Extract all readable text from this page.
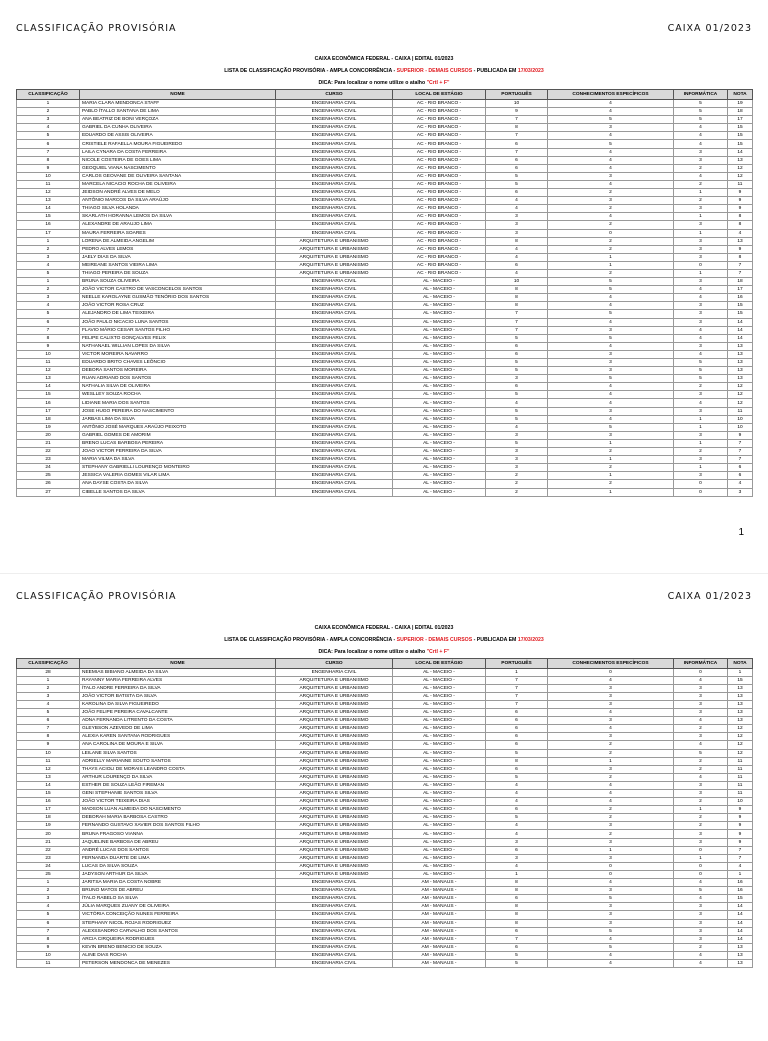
CLASSIFICAÇÃO PROVISÓRIA	CAIXA 01/2023
CAIXA ECONÔMICA FEDERAL - CAIXA | EDITAL 01/2023
LISTA DE CLASSIFICAÇÃO PROVISÓRIA - AMPLA CONCORRÊNCIA - SUPERIOR - DEMAIS CURSOS - PUBLICADA EM 17/03/2023
DICA: Para localizar o nome utilize o atalho "Crtl + F"
CLASSIFICAÇÃO	NOME	CURSO	LOCAL DE ESTÁGIO	PORTUGUÊS	CONHECIMENTOS ESPECÍFICOS	INFORMÁTICA	NOTA
1	MARIA CLARA MENDONCA STAFF	ENGENHARIA CIVIL	AC - RIO BRANCO -	10	4	5	19
2	PABLO ÍTALLO SANTANA DE LIMA	ENGENHARIA CIVIL	AC - RIO BRANCO -	9	4	5	18
3	ANA BEATRIZ DE BONI VERÇOZA	ENGENHARIA CIVIL	AC - RIO BRANCO -	7	5	5	17
4	GABRIEL DA CUNHA OLIVEIRA	ENGENHARIA CIVIL	AC - RIO BRANCO -	8	3	4	15
5	EDUARDO DE ASSIS OLIVEIRA	ENGENHARIA CIVIL	AC - RIO BRANCO -	7	4	4	15
6	CRISTIELE RAFAELLA MOURA FIGUEIREDO	ENGENHARIA CIVIL	AC - RIO BRANCO -	6	5	4	15
7	LAILA CYNARA DA COSTA FERREIRA	ENGENHARIA CIVIL	AC - RIO BRANCO -	7	4	3	14
8	NICOLE COSTEIRA DE GOES LIMA	ENGENHARIA CIVIL	AC - RIO BRANCO -	6	4	3	13
9	GEOQUIEL VIANA NASCIMENTO	ENGENHARIA CIVIL	AC - RIO BRANCO -	6	4	2	12
10	CARLOS GEOVANE DE OLIVEIRA SANTANA	ENGENHARIA CIVIL	AC - RIO BRANCO -	5	3	4	12
11	MARCELA NICACIO ROCHA DE OLIVEIRA	ENGENHARIA CIVIL	AC - RIO BRANCO -	5	4	2	11
12	JEIDSON ANDRÉ ALVES DE MELO	ENGENHARIA CIVIL	AC - RIO BRANCO -	6	2	1	9
13	ANTÔNIO MARCOS DA SILVA ARAÚJO	ENGENHARIA CIVIL	AC - RIO BRANCO -	4	3	2	9
14	THIAGO SILVA HOLANDA	ENGENHARIA CIVIL	AC - RIO BRANCO -	4	2	3	9
15	SKARLATH HORANNA LEMOS DA SILVA	ENGENHARIA CIVIL	AC - RIO BRANCO -	3	4	1	8
16	ALEXANDRE DE ARAUJO LIMA	ENGENHARIA CIVIL	AC - RIO BRANCO -	3	2	3	8
17	MAURA FERREIRA SOARES	ENGENHARIA CIVIL	AC - RIO BRANCO -	3	0	1	4
1	LORENA DE ALMEIDA ANGELIM	ARQUITETURA E URBANISMO	AC - RIO BRANCO -	8	2	3	13
2	PEDRO ALVES LEMOS	ARQUITETURA E URBANISMO	AC - RIO BRANCO -	4	2	3	9
3	JAELY DIAS DA SILVA	ARQUITETURA E URBANISMO	AC - RIO BRANCO -	4	1	3	8
4	MEIREANE SANTOS VIEIRA LIMA	ARQUITETURA E URBANISMO	AC - RIO BRANCO -	6	1	0	7
5	THIAGO PEREIRA DE SOUZA	ARQUITETURA E URBANISMO	AC - RIO BRANCO -	4	2	1	7
1	BRUNA SOUZA OLIVEIRA	ENGENHARIA CIVIL	AL - MACEIO -	10	5	3	18
2	JOÃO VICTOR CASTRO DE VASCONCELOS SANTOS	ENGENHARIA CIVIL	AL - MACEIO -	8	5	4	17
3	NEELLE KAROLAYNE GUSMÃO TENÓRIO DOS SANTOS	ENGENHARIA CIVIL	AL - MACEIO -	8	4	4	16
4	JOÃO VICTOR ROSA CRUZ	ENGENHARIA CIVIL	AL - MACEIO -	8	4	3	15
5	ALEJANDRO DE LIMA TEIXEIRA	ENGENHARIA CIVIL	AL - MACEIO -	7	5	3	15
6	JOÃO PAULO NICACIO LUNA SANTOS	ENGENHARIA CIVIL	AL - MACEIO -	7	4	3	14
7	FLAVIO MÁRIO CESAR SANTOS FILHO	ENGENHARIA CIVIL	AL - MACEIO -	7	3	4	14
8	FELIPE CALIXTO GONÇALVES FELIX	ENGENHARIA CIVIL	AL - MACEIO -	5	5	4	14
9	NATHANAEL WILLIAN LOPES DA SILVA	ENGENHARIA CIVIL	AL - MACEIO -	6	4	3	13
10	VICTOR MOREIRA NAVARRO	ENGENHARIA CIVIL	AL - MACEIO -	6	3	4	13
11	EDUARDO BRITO CHAVES LEÔNCIO	ENGENHARIA CIVIL	AL - MACEIO -	5	3	5	13
12	DEBORA SANTOS MOREIRA	ENGENHARIA CIVIL	AL - MACEIO -	5	3	5	13
13	RUAN ADRIANO DOS SANTOS	ENGENHARIA CIVIL	AL - MACEIO -	3	5	5	13
14	NATHALIA SILVA DE OLIVEIRA	ENGENHARIA CIVIL	AL - MACEIO -	6	4	2	12
15	WESLLEY SOUZA ROCHA	ENGENHARIA CIVIL	AL - MACEIO -	5	4	3	12
16	LIDIANE MARIA DOS SANTOS	ENGENHARIA CIVIL	AL - MACEIO -	4	4	4	12
17	JOSE HUGO PEREIRA DO NASCIMENTO	ENGENHARIA CIVIL	AL - MACEIO -	5	3	3	11
18	JARBAS LIMA DA SILVA	ENGENHARIA CIVIL	AL - MACEIO -	5	4	1	10
19	ANTÔNIO JOSÉ MARQUES ARAÚJO PEIXOTO	ENGENHARIA CIVIL	AL - MACEIO -	4	5	1	10
20	GABRIEL GOMES DE AMORIM	ENGENHARIA CIVIL	AL - MACEIO -	3	3	3	9
21	BRENO LUCAS BARBOSA PEREIRA	ENGENHARIA CIVIL	AL - MACEIO -	5	1	1	7
22	JOAO VICTOR FERREIRA DA SILVA	ENGENHARIA CIVIL	AL - MACEIO -	3	2	2	7
23	MARIA VILMA DA SILVA	ENGENHARIA CIVIL	AL - MACEIO -	3	1	3	7
24	STEPHANY GABRIELLI LOURENÇO MONTEIRO	ENGENHARIA CIVIL	AL - MACEIO -	3	2	1	6
25	JESSICA VALERIA GOMES VILAR LIMA	ENGENHARIA CIVIL	AL - MACEIO -	2	1	3	6
26	ANA DAYSE COSTA DA SILVA	ENGENHARIA CIVIL	AL - MACEIO -	2	2	0	4
27	CIBELLE SANTOS DA SILVA	ENGENHARIA CIVIL	AL - MACEIO -	2	1	0	3
1
CLASSIFICAÇÃO PROVISÓRIA	CAIXA 01/2023
CAIXA ECONÔMICA FEDERAL - CAIXA | EDITAL 01/2023
LISTA DE CLASSIFICAÇÃO PROVISÓRIA - AMPLA CONCORRÊNCIA - SUPERIOR - DEMAIS CURSOS - PUBLICADA EM 17/03/2023
DICA: Para localizar o nome utilize o atalho "Crtl + F"
CLASSIFICAÇÃO	NOME	CURSO	LOCAL DE ESTÁGIO	PORTUGUÊS	CONHECIMENTOS ESPECÍFICOS	INFORMÁTICA	NOTA
28	NEEMIAS BIBIANO ALMEIDA DA SILVA	ENGENHARIA CIVIL	AL - MACEIO -	1	0	0	1
1	RAYANNY MARIA FERREIRA ALVES	ARQUITETURA E URBANISMO	AL - MACEIO -	7	4	4	15
2	ÍTALO ANDRE FERREIRA DA SILVA	ARQUITETURA E URBANISMO	AL - MACEIO -	7	3	3	13
3	JOÃO VICTOR BATISTA DA SILVA	ARQUITETURA E URBANISMO	AL - MACEIO -	7	3	3	13
4	KAROLINA DA SILVA FIGUEIREDO	ARQUITETURA E URBANISMO	AL - MACEIO -	7	3	3	13
5	JOÃO FELIPE PEREIRA CAVALCANTE	ARQUITETURA E URBANISMO	AL - MACEIO -	6	4	3	13
6	ADNA FERNANDA LITRENTO DA COSTA	ARQUITETURA E URBANISMO	AL - MACEIO -	6	3	4	13
7	GLEYBSON AZEVEDO DE LIMA	ARQUITETURA E URBANISMO	AL - MACEIO -	6	4	2	12
8	ALEXIA KAREN SANTANA RODRIGUES	ARQUITETURA E URBANISMO	AL - MACEIO -	6	3	3	12
9	ANA CAROLINA DE MOURA E SILVA	ARQUITETURA E URBANISMO	AL - MACEIO -	6	2	4	12
10	LEILANE SILVA SANTOS	ARQUITETURA E URBANISMO	AL - MACEIO -	5	2	5	12
11	ADRIELLY MARIANNE SOUTO SANTOS	ARQUITETURA E URBANISMO	AL - MACEIO -	8	1	2	11
12	THAYS ACIOLI DE MORAIS LEANDRO COSTA	ARQUITETURA E URBANISMO	AL - MACEIO -	6	3	2	11
13	ARTHUR LOURENÇO DA SILVA	ARQUITETURA E URBANISMO	AL - MACEIO -	5	2	4	11
14	ESTHER DE SOUZA LEÃO FIREMAN	ARQUITETURA E URBANISMO	AL - MACEIO -	4	4	3	11
15	GENI STEPHANIE SANTOS SILVA	ARQUITETURA E URBANISMO	AL - MACEIO -	4	4	3	11
16	JOÃO VICTOR TEIXEIRA DIAS	ARQUITETURA E URBANISMO	AL - MACEIO -	4	4	2	10
17	MADSON LUAN ALMEIDA DO NASCIMENTO	ARQUITETURA E URBANISMO	AL - MACEIO -	6	2	1	9
18	DEBORAH MARIA BARBOSA CASTRO	ARQUITETURA E URBANISMO	AL - MACEIO -	5	2	2	9
19	FERNANDO GUSTAVO XAVIER DOS SANTOS FILHO	ARQUITETURA E URBANISMO	AL - MACEIO -	4	3	2	9
20	BRUNA FRAGOSO VIANNA	ARQUITETURA E URBANISMO	AL - MACEIO -	4	2	3	9
21	JAQUELINE BARBOSA DE ABREU	ARQUITETURA E URBANISMO	AL - MACEIO -	3	3	3	9
22	ANDRÉ LUCAS DOS SANTOS	ARQUITETURA E URBANISMO	AL - MACEIO -	6	1	0	7
23	FERNANDA DUARTE DE LIMA	ARQUITETURA E URBANISMO	AL - MACEIO -	3	3	1	7
24	LUCAS DA SILVA SOUZA	ARQUITETURA E URBANISMO	AL - MACEIO -	4	0	0	4
25	JADYSON ARTHUR DA SILVA	ARQUITETURA E URBANISMO	AL - MACEIO -	1	0	0	1
1	JARITSA MARIA DA COSTA NOBRE	ENGENHARIA CIVIL	AM - MANAUS -	8	4	4	16
2	BRUNO MATOS DE ABREU	ENGENHARIA CIVIL	AM - MANAUS -	8	3	5	16
3	ÍTALO RABELO SA SILVA	ENGENHARIA CIVIL	AM - MANAUS -	6	5	4	15
4	JÚLIA MARQUES ZUANY DE OLIVEIRA	ENGENHARIA CIVIL	AM - MANAUS -	8	3	3	14
5	VICTÓRIA CONCEIÇÃO NUNES FERREIRA	ENGENHARIA CIVIL	AM - MANAUS -	8	3	3	14
6	STEPHANY NICOL ROJAS RODRIGUEZ	ENGENHARIA CIVIL	AM - MANAUS -	8	3	3	14
7	ALEXSSANDRO CARVALHO DOS SANTOS	ENGENHARIA CIVIL	AM - MANAUS -	6	5	3	14
8	ARCIA CIRQUEIRA RODRIGUES	ENGENHARIA CIVIL	AM - MANAUS -	7	4	3	14
9	KEVIN BRENO BENICIO DE SOUZA	ENGENHARIA CIVIL	AM - MANAUS -	6	5	2	13
10	ALINE DIAS ROCHA	ENGENHARIA CIVIL	AM - MANAUS -	5	4	4	13
11	PETERSON MENDONCA DE MENEZES	ENGENHARIA CIVIL	AM - MANAUS -	5	4	4	13
